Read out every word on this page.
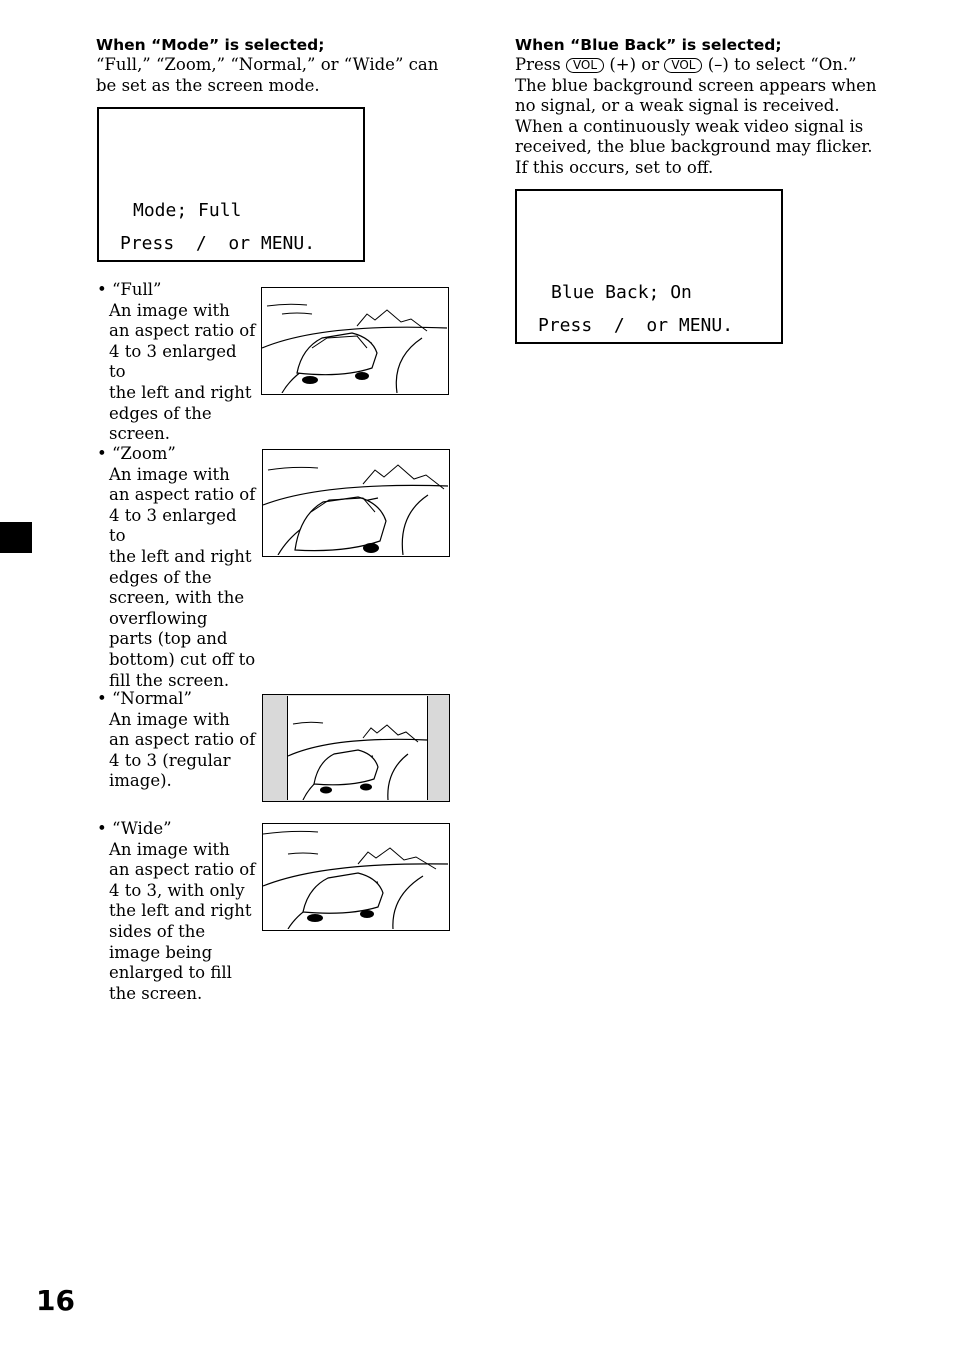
When “Mode” is selected;
“Full,” “Zoom,” “Normal,” or “Wide” can
be set as the screen mode.
Mode; Full
Press  /  or MENU.
• “Full”
An image with
an aspect ratio of
4 to 3 enlarged to
the left and right
edges of the
screen.
• “Zoom”
An image with
an aspect ratio of
4 to 3 enlarged to
the left and right
edges of the
screen, with the
overflowing
parts (top and
bottom) cut off to
fill the screen.
• “Normal”
An image with
an aspect ratio of
4 to 3 (regular
image).
• “Wide”
An image with
an aspect ratio of
4 to 3, with only
the left and right
sides of the
image being
enlarged to fill
the screen.
When “Blue Back” is selected;
Press VOL (+) or VOL (–) to select “On.”
The blue background screen appears when
no signal, or a weak signal is received.
When a continuously weak video signal is
received, the blue background may flicker.
If this occurs, set to off.
Blue Back; On
Press  /  or MENU.
16
